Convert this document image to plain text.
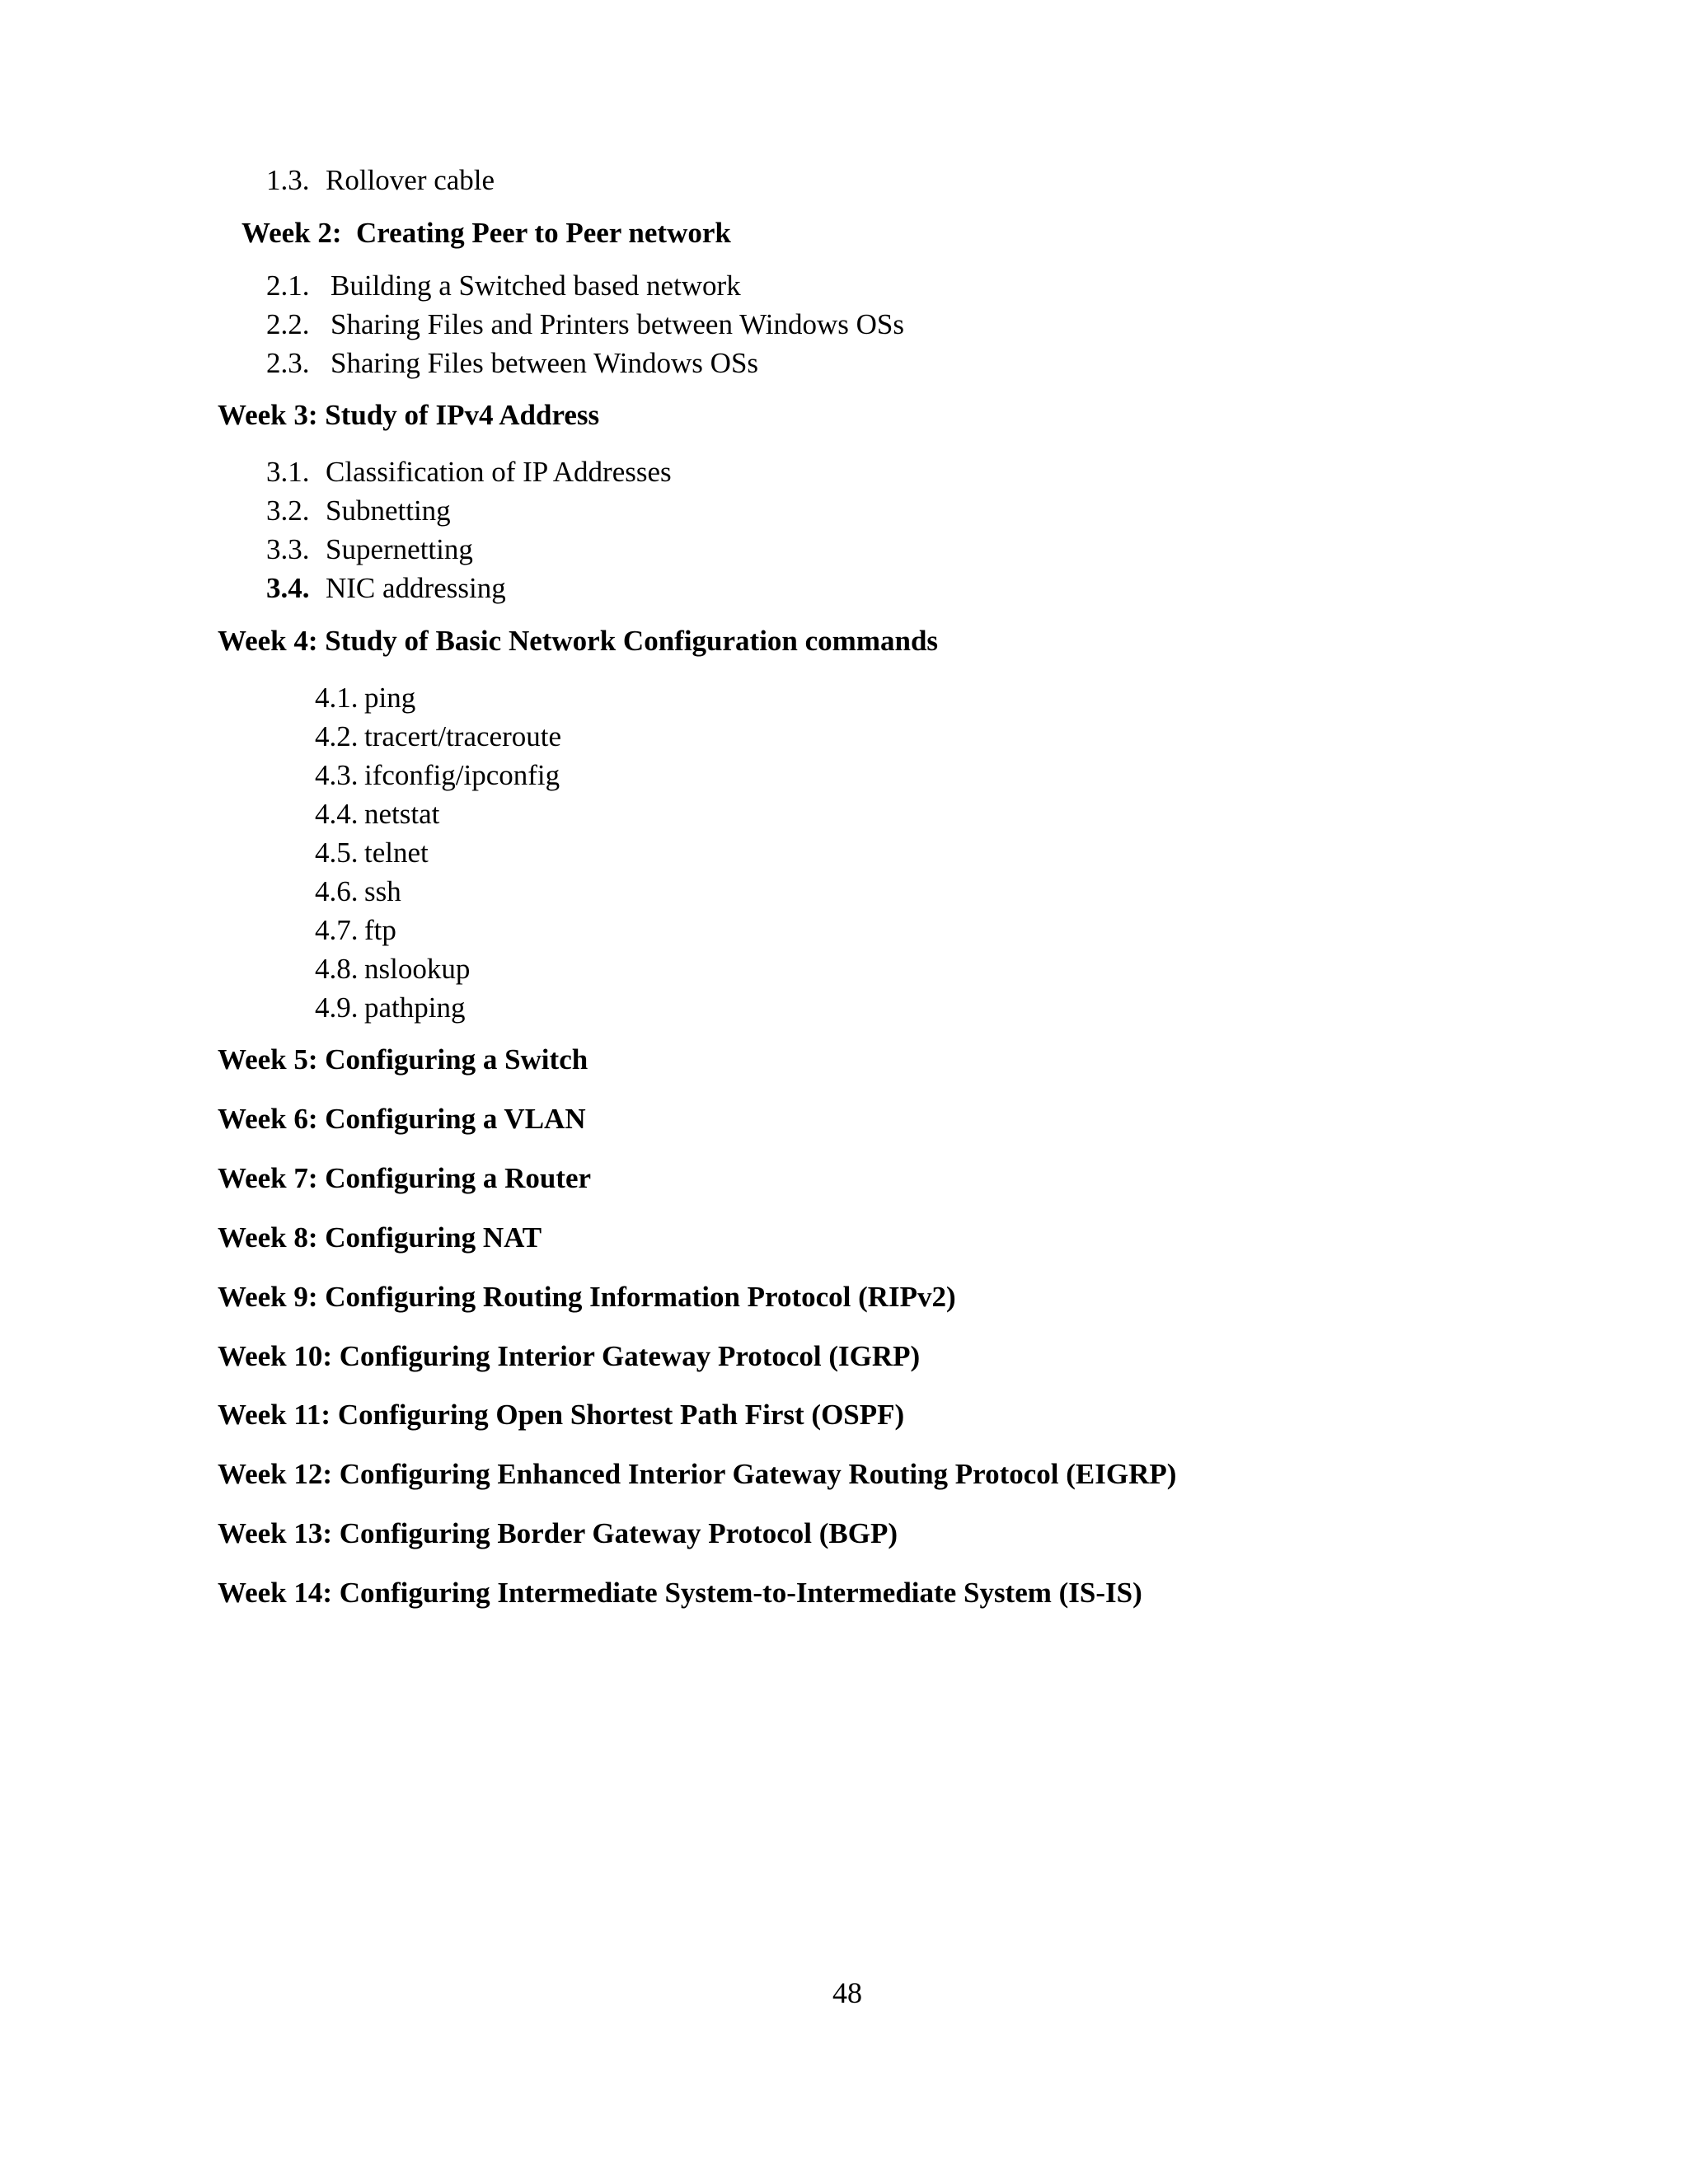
1.3. Rollover cable
Week 2:  Creating Peer to Peer network
2.1. Building a Switched based network
2.2. Sharing Files and Printers between Windows OSs
2.3. Sharing Files between Windows OSs
Week 3: Study of IPv4 Address
3.1. Classification of IP Addresses
3.2. Subnetting
3.3. Supernetting
3.4. NIC addressing
Week 4: Study of Basic Network Configuration commands
4.1. ping
4.2. tracert/traceroute
4.3. ifconfig/ipconfig
4.4. netstat
4.5. telnet
4.6. ssh
4.7. ftp
4.8. nslookup
4.9. pathping
Week 5: Configuring a Switch
Week 6: Configuring a VLAN
Week 7: Configuring a Router
Week 8: Configuring NAT
Week 9: Configuring Routing Information Protocol (RIPv2)
Week 10: Configuring Interior Gateway Protocol (IGRP)
Week 11: Configuring Open Shortest Path First (OSPF)
Week 12: Configuring Enhanced Interior Gateway Routing Protocol (EIGRP)
Week 13: Configuring Border Gateway Protocol (BGP)
Week 14: Configuring Intermediate System-to-Intermediate System (IS-IS)
48
